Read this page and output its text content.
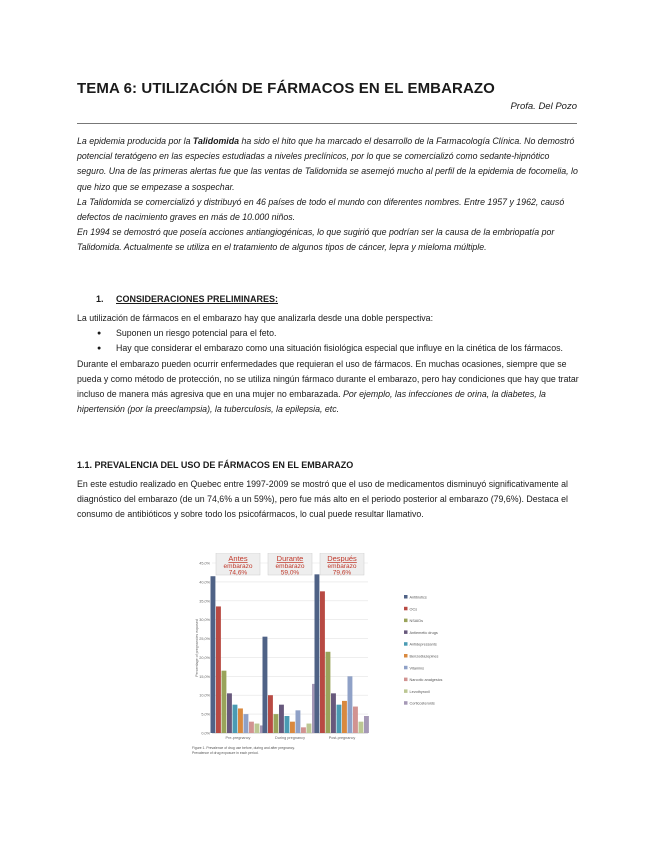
TEMA 6: UTILIZACIÓN DE FÁRMACOS EN EL EMBARAZO
Profa. Del Pozo

La epidemia producida por la Talidomida ha sido el hito que ha marcado el desarrollo de la Farmacología Clínica. No demostró potencial teratógeno en las especies estudiadas a niveles preclínicos, por lo que se comercializó como sedante-hipnótico seguro. Una de las primeras alertas fue que las ventas de Talidomida se asemejó mucho al perfil de la epidemia de focomelia, lo que hizo que se empezase a sospechar.

La Talidomida se comercializó y distribuyó en 46 países de todo el mundo con diferentes nombres. Entre 1957 y 1962, causó defectos de nacimiento graves en más de 10.000 niños.

En 1994 se demostró que poseía acciones antiangiogénicas, lo que sugirió que podrían ser la causa de la embriopatía por Talidomida. Actualmente se utiliza en el tratamiento de algunos tipos de cáncer, lepra y mieloma múltiple.

1. CONSIDERACIONES PRELIMINARES:

La utilización de fármacos en el embarazo hay que analizarla desde una doble perspectiva:

● Suponen un riesgo potencial para el feto.
● Hay que considerar el embarazo como una situación fisiológica especial que influye en la cinética de los fármacos.

Durante el embarazo pueden ocurrir enfermedades que requieran el uso de fármacos. En muchas ocasiones, siempre que se pueda y como método de protección, no se utiliza ningún fármaco durante el embarazo, pero hay condiciones que hay que tratar incluso de manera más agresiva que en una mujer no embarazada. Por ejemplo, las infecciones de orina, la diabetes, la hipertensión (por la preeclampsia), la tuberculosis, la epilepsia, etc.

1.1. PREVALENCIA DEL USO DE FÁRMACOS EN EL EMBARAZO

En este estudio realizado en Quebec entre 1997-2009 se mostró que el uso de medicamentos disminuyó significativamente al diagnóstico del embarazo (de un 74,6% a un 59%), pero fue más alto en el periodo posterior al embarazo (79,6%). Destaca el consumo de antibióticos y sobre todo los psicofármacos, lo cual puede resultar llamativo.

0,0%
5,0%
10,0%
15,0%
20,0%
25,0%
30,0%
35,0%
40,0%
45,0%
Percentage of pregnancies exposed
Pre-pregnancy
Antes
embarazo
74,6%
During pregnancy
Durante
embarazo
59,0%
Post-pregnancy
Después
embarazo
79,6%
Antibiotics
OCs
NSAIDs
Antiemetic drugs
Antidepressants
Benzodiazepines
Vitamins
Narcotic analgesics
Levothyroxil
Corticosteroids
Figure 1. Prevalence of drug use before, during and after pregnancy.
Prevalence of drug exposure in each period.
